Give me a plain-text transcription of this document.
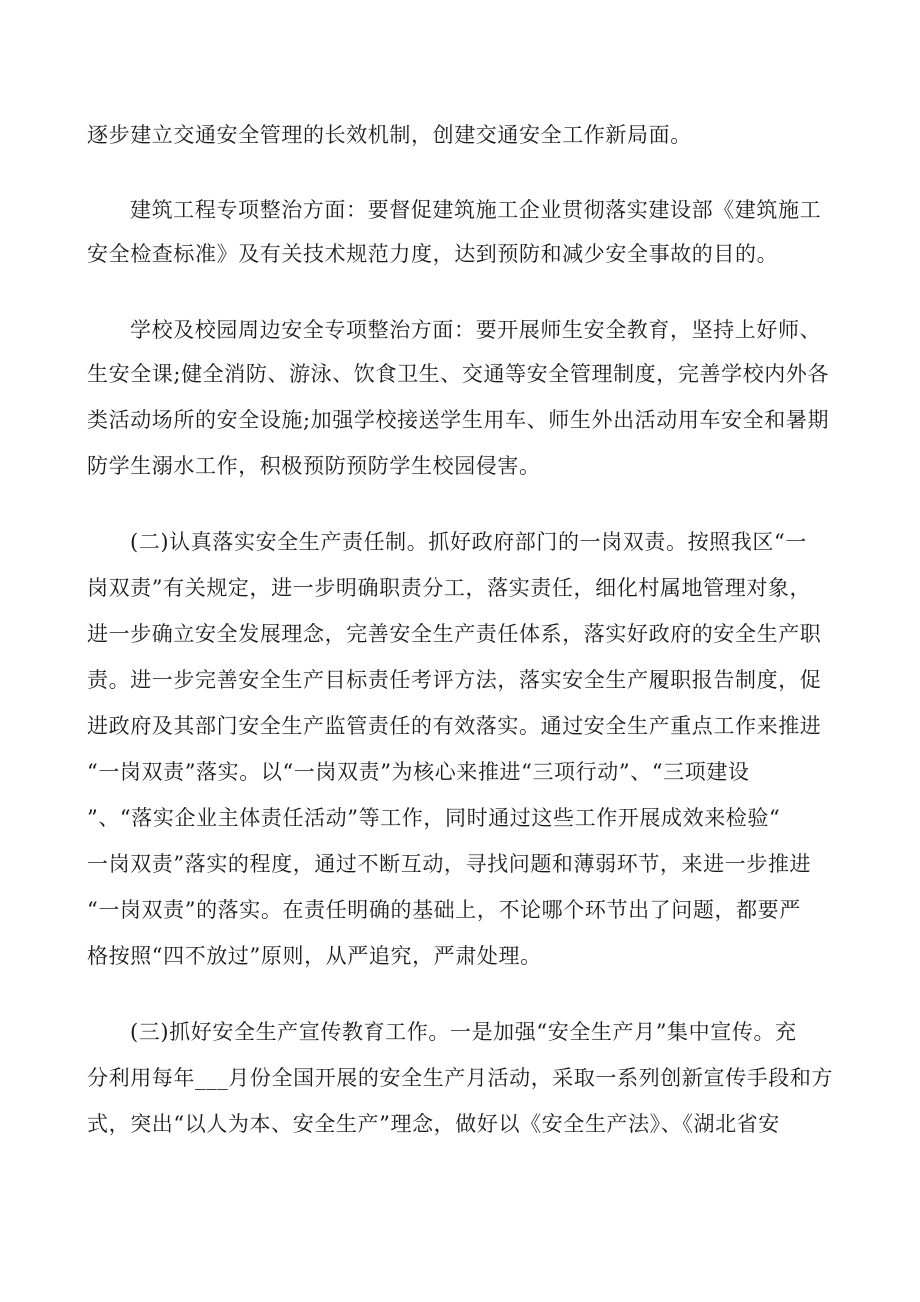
逐步建立交通安全管理的长效机制，创建交通安全工作新局面。
建筑工程专项整治方面：要督促建筑施工企业贯彻落实建设部《建筑施工
安全检查标准》及有关技术规范力度，达到预防和减少安全事故的目的。
学校及校园周边安全专项整治方面：要开展师生安全教育，坚持上好师、
生安全课;健全消防、游泳、饮食卫生、交通等安全管理制度，完善学校内外各
类活动场所的安全设施;加强学校接送学生用车、师生外出活动用车安全和暑期
防学生溺水工作，积极预防预防学生校园侵害。
(二)认真落实安全生产责任制。抓好政府部门的一岗双责。按照我区“一
岗双责”有关规定，进一步明确职责分工，落实责任，细化村属地管理对象，
进一步确立安全发展理念，完善安全生产责任体系，落实好政府的安全生产职
责。进一步完善安全生产目标责任考评方法，落实安全生产履职报告制度，促
进政府及其部门安全生产监管责任的有效落实。通过安全生产重点工作来推进
“一岗双责”落实。以“一岗双责”为核心来推进“三项行动”、“三项建设
”、“落实企业主体责任活动”等工作，同时通过这些工作开展成效来检验“
一岗双责”落实的程度，通过不断互动，寻找问题和薄弱环节，来进一步推进
“一岗双责”的落实。在责任明确的基础上，不论哪个环节出了问题，都要严
格按照“四不放过”原则，从严追究，严肃处理。
(三)抓好安全生产宣传教育工作。一是加强“安全生产月”集中宣传。充
分利用每年___月份全国开展的安全生产月活动，采取一系列创新宣传手段和方
式，突出“以人为本、安全生产”理念，做好以《安全生产法》、《湖北省安
